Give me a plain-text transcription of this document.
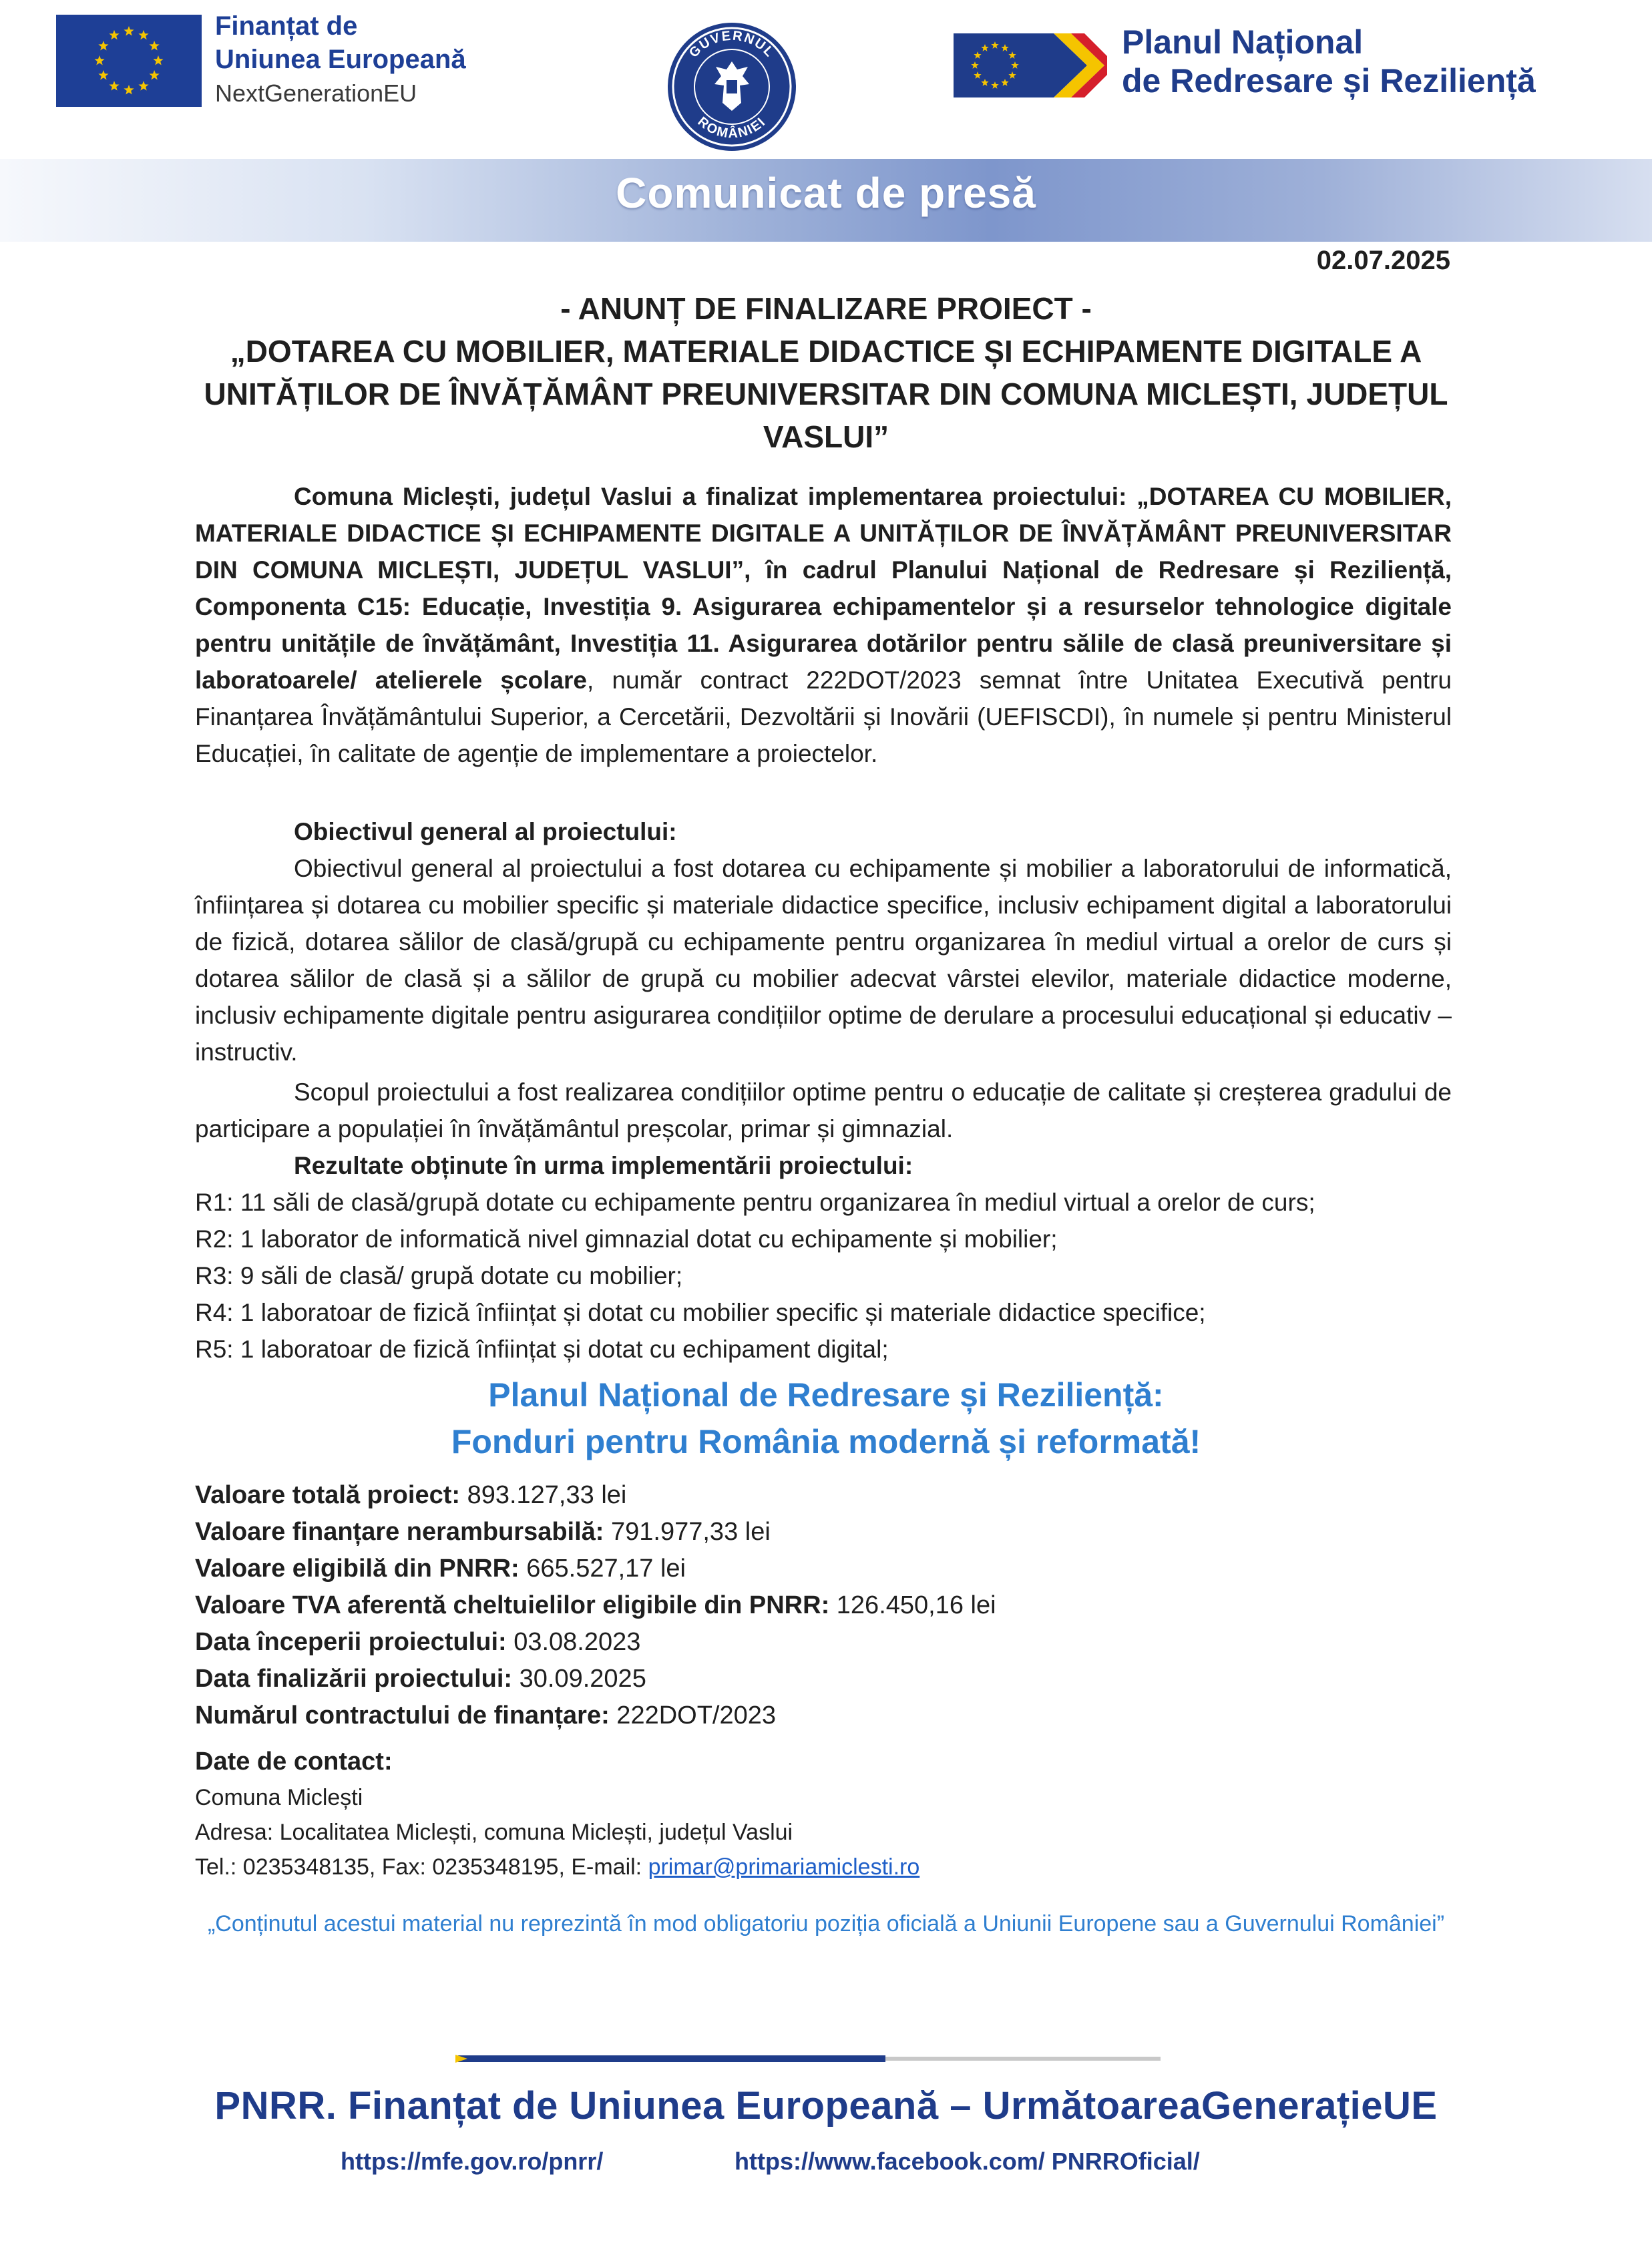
Finanțat de
Uniunea Europeană
NextGenerationEU
GUVERNUL
ROMÂNIEI
Planul Național
de Redresare și Reziliență
Comunicat de presă
02.07.2025
- ANUNȚ DE FINALIZARE PROIECT -
„DOTAREA CU MOBILIER, MATERIALE DIDACTICE ȘI ECHIPAMENTE DIGITALE A UNITĂȚILOR DE ÎNVĂȚĂMÂNT PREUNIVERSITAR DIN COMUNA MICLEȘTI, JUDEȚUL VASLUI”
Comuna Miclești, județul Vaslui a finalizat implementarea proiectului: „DOTAREA CU MOBILIER, MATERIALE DIDACTICE ȘI ECHIPAMENTE DIGITALE A UNITĂȚILOR DE ÎNVĂȚĂMÂNT PREUNIVERSITAR DIN COMUNA MICLEȘTI, JUDEȚUL VASLUI”, în cadrul Planului Național de Redresare și Reziliență, Componenta C15: Educație, Investiția 9. Asigurarea echipamentelor și a resurselor tehnologice digitale pentru unitățile de învățământ, Investiția 11. Asigurarea dotărilor pentru sălile de clasă preuniversitare și laboratoarele/ atelierele școlare, număr contract 222DOT/2023 semnat între Unitatea Executivă pentru Finanțarea Învățământului Superior, a Cercetării, Dezvoltării și Inovării (UEFISCDI), în numele și pentru Ministerul Educației, în calitate de agenție de implementare a proiectelor.
Obiectivul general al proiectului:
Obiectivul general al proiectului a fost dotarea cu echipamente și mobilier a laboratorului de informatică, înființarea și dotarea cu mobilier specific și materiale didactice specifice, inclusiv echipament digital a laboratorului de fizică, dotarea sălilor de clasă/grupă cu echipamente pentru organizarea în mediul virtual a orelor de curs și dotarea sălilor de clasă și a sălilor de grupă cu mobilier adecvat vârstei elevilor, materiale didactice moderne, inclusiv echipamente digitale pentru asigurarea condițiilor optime de derulare a procesului educațional și educativ – instructiv.
Scopul proiectului a fost realizarea condițiilor optime pentru o educație de calitate și creșterea gradului de participare a populației în învățământul preșcolar, primar și gimnazial.
Rezultate obținute în urma implementării proiectului:
R1: 11 săli de clasă/grupă dotate cu echipamente pentru organizarea în mediul virtual a orelor de curs;
R2: 1 laborator de informatică nivel gimnazial dotat cu echipamente și mobilier;
R3: 9 săli de clasă/ grupă dotate cu mobilier;
R4: 1 laboratoar de fizică înființat și dotat cu mobilier specific și materiale didactice specifice;
R5: 1 laboratoar de fizică înființat și dotat cu echipament digital;
Planul Național de Redresare și Reziliență:
Fonduri pentru România modernă și reformată!
Valoare totală proiect: 893.127,33 lei
Valoare finanțare nerambursabilă: 791.977,33 lei
Valoare eligibilă din PNRR: 665.527,17 lei
Valoare TVA aferentă cheltuielilor eligibile din PNRR: 126.450,16 lei
Data începerii proiectului: 03.08.2023
Data finalizării proiectului: 30.09.2025
Numărul contractului de finanțare: 222DOT/2023
Date de contact:
Comuna Miclești
Adresa: Localitatea Miclești, comuna Miclești, județul Vaslui
Tel.: 0235348135, Fax: 0235348195, E-mail: primar@primariamiclesti.ro
„Conținutul acestui material nu reprezintă în mod obligatoriu poziția oficială a Uniunii Europene sau a Guvernului României”
PNRR. Finanțat de Uniunea Europeană – UrmătoareaGenerațieUE
https://mfe.gov.ro/pnrr/	https://www.facebook.com/ PNRROficial/
